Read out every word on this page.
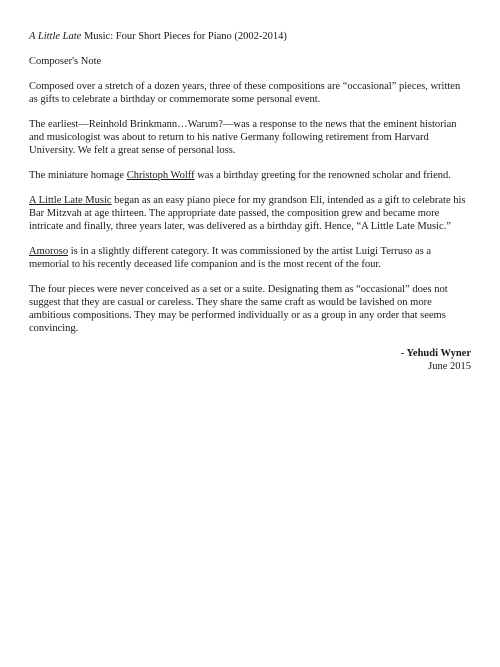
A Little Late Music: Four Short Pieces for Piano (2002-2014)

Composer's Note

Composed over a stretch of a dozen years, three of these compositions are “occasional” pieces, written as gifts to celebrate a birthday or commemorate some personal event.

The earliest—Reinhold Brinkmann…Warum?—was a response to the news that the eminent historian and musicologist was about to return to his native Germany following retirement from Harvard University. We felt a great sense of personal loss.

The miniature homage Christoph Wolff was a birthday greeting for the renowned scholar and friend.

A Little Late Music began as an easy piano piece for my grandson Eli, intended as a gift to celebrate his Bar Mitzvah at age thirteen. The appropriate date passed, the composition grew and became more intricate and finally, three years later, was delivered as a birthday gift. Hence, “A Little Late Music.”

Amoroso is in a slightly different category. It was commissioned by the artist Luigi Terruso as a memorial to his recently deceased life companion and is the most recent of the four.

The four pieces were never conceived as a set or a suite. Designating them as “occasional” does not suggest that they are casual or careless. They share the same craft as would be lavished on more ambitious compositions. They may be performed individually or as a group in any order that seems convincing.

- Yehudi Wyner
June 2015
